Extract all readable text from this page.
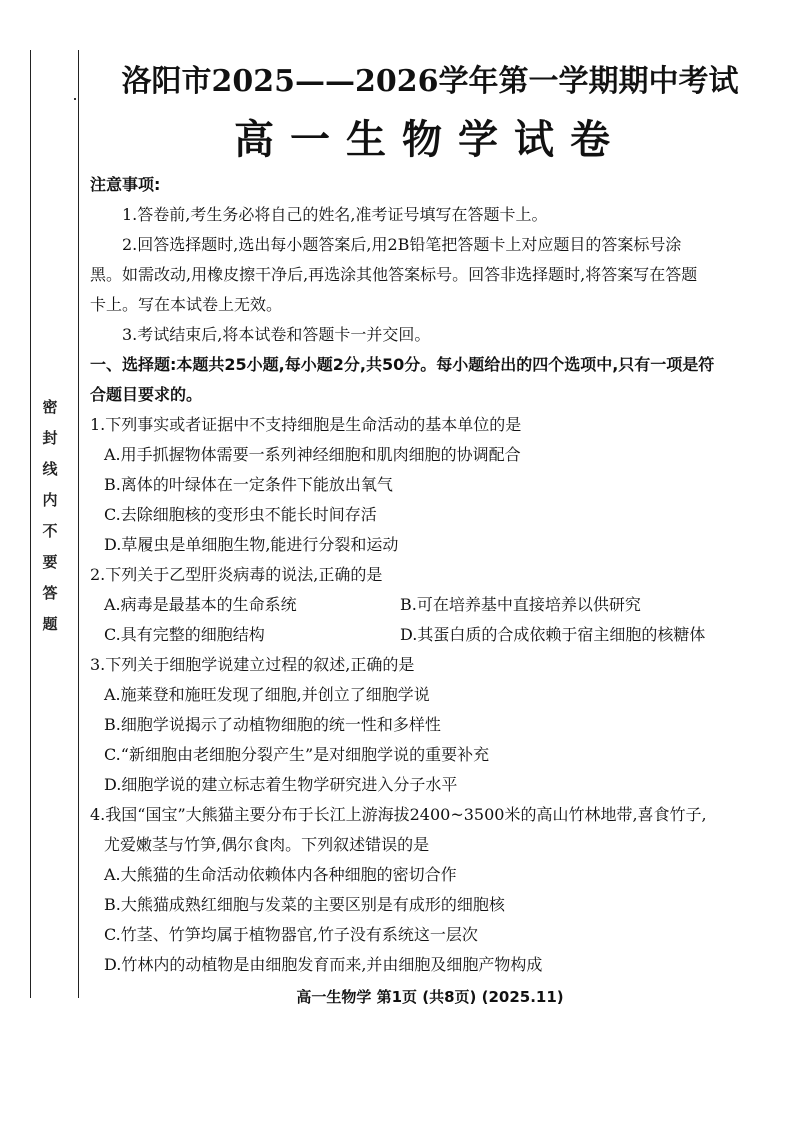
密
封
线
内
不
要
答
题
洛阳市2025——2026学年第一学期期中考试
高一生物学试卷
注意事项:
1.答卷前,考生务必将自己的姓名,准考证号填写在答题卡上。
2.回答选择题时,选出每小题答案后,用2B铅笔把答题卡上对应题目的答案标号涂
黑。如需改动,用橡皮擦干净后,再选涂其他答案标号。回答非选择题时,将答案写在答题
卡上。写在本试卷上无效。
3.考试结束后,将本试卷和答题卡一并交回。
一、选择题:本题共25小题,每小题2分,共50分。每小题给出的四个选项中,只有一项是符
合题目要求的。
1.下列事实或者证据中不支持细胞是生命活动的基本单位的是
A.用手抓握物体需要一系列神经细胞和肌肉细胞的协调配合
B.离体的叶绿体在一定条件下能放出氧气
C.去除细胞核的变形虫不能长时间存活
D.草履虫是单细胞生物,能进行分裂和运动
2.下列关于乙型肝炎病毒的说法,正确的是
A.病毒是最基本的生命系统	B.可在培养基中直接培养以供研究
C.具有完整的细胞结构	D.其蛋白质的合成依赖于宿主细胞的核糖体
3.下列关于细胞学说建立过程的叙述,正确的是
A.施莱登和施旺发现了细胞,并创立了细胞学说
B.细胞学说揭示了动植物细胞的统一性和多样性
C.“新细胞由老细胞分裂产生”是对细胞学说的重要补充
D.细胞学说的建立标志着生物学研究进入分子水平
4.我国“国宝”大熊猫主要分布于长江上游海拔2400~3500米的高山竹林地带,喜食竹子,
尤爱嫩茎与竹笋,偶尔食肉。下列叙述错误的是
A.大熊猫的生命活动依赖体内各种细胞的密切合作
B.大熊猫成熟红细胞与发菜的主要区别是有成形的细胞核
C.竹茎、竹笋均属于植物器官,竹子没有系统这一层次
D.竹林内的动植物是由细胞发育而来,并由细胞及细胞产物构成
高一生物学 第1页 (共8页) (2025.11)
